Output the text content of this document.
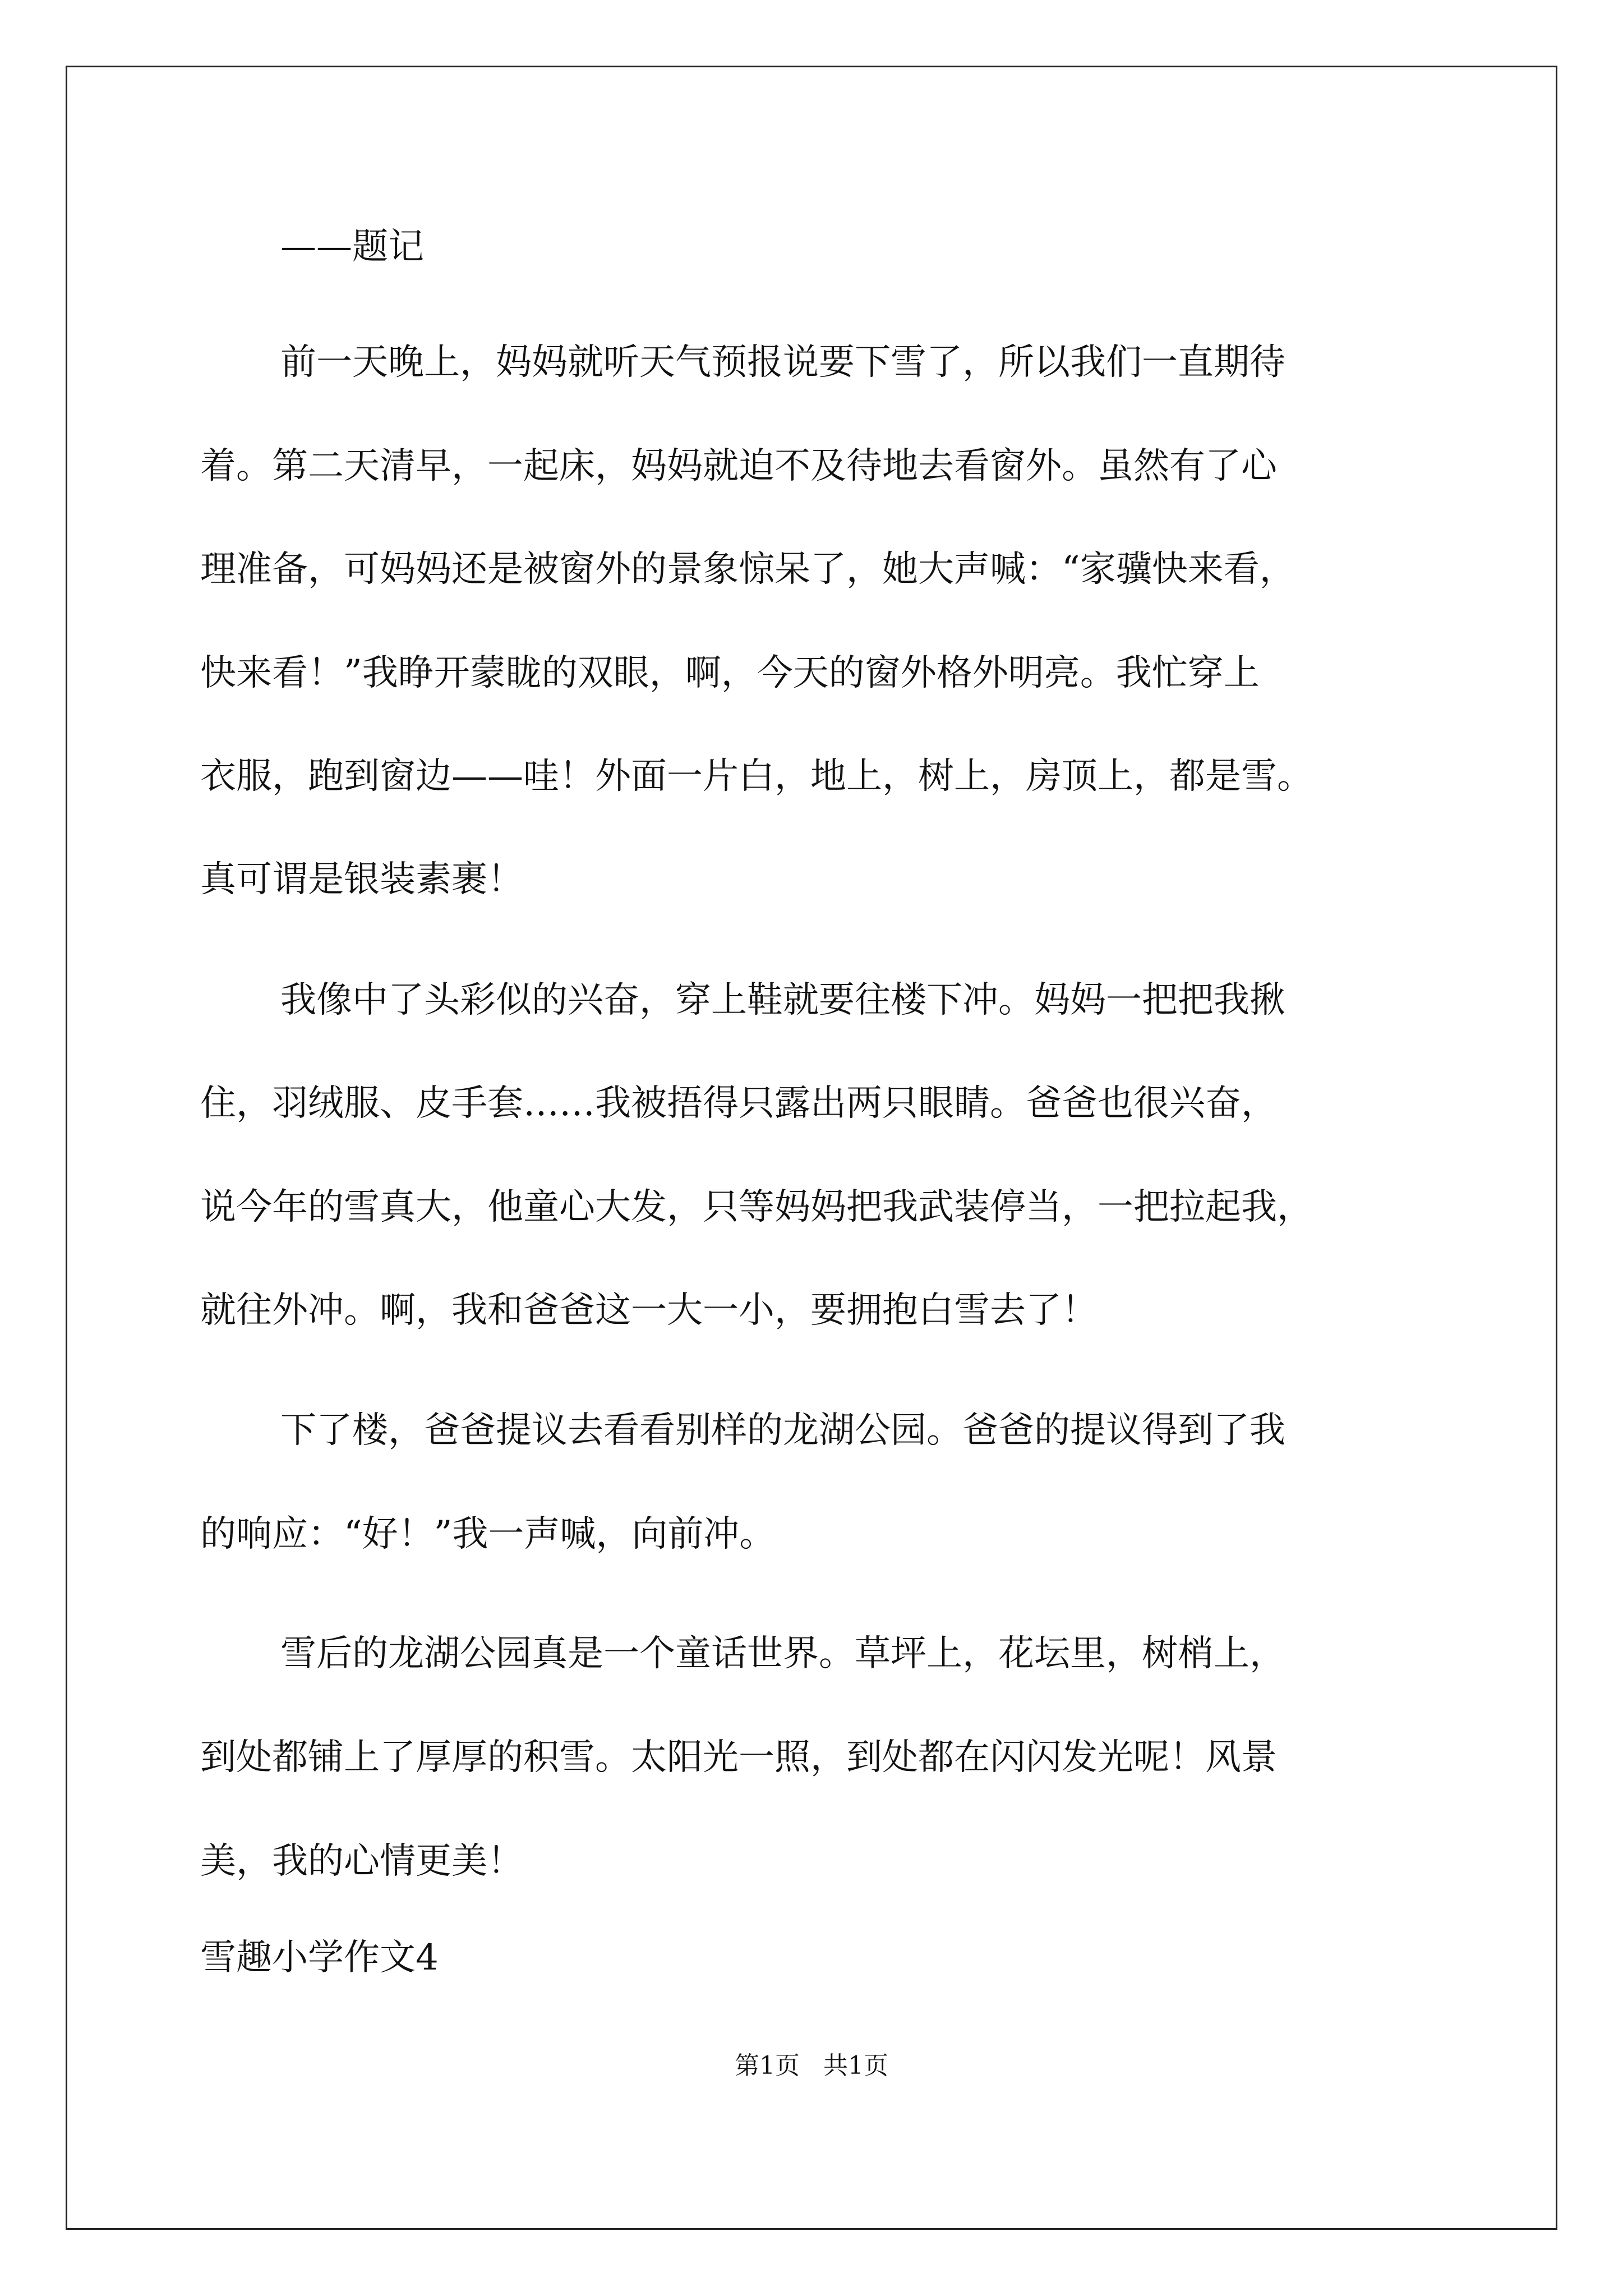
——题记
前一天晚上，妈妈就听天气预报说要下雪了，所以我们一直期待
着。第二天清早，一起床，妈妈就迫不及待地去看窗外。虽然有了心
理准备，可妈妈还是被窗外的景象惊呆了，她大声喊：“家骥快来看，
快来看！”我睁开蒙眬的双眼，啊，今天的窗外格外明亮。我忙穿上
衣服，跑到窗边——哇！外面一片白，地上，树上，房顶上，都是雪。
真可谓是银装素裹！
我像中了头彩似的兴奋，穿上鞋就要往楼下冲。妈妈一把把我揪
住，羽绒服、皮手套……我被捂得只露出两只眼睛。爸爸也很兴奋，
说今年的雪真大，他童心大发，只等妈妈把我武装停当，一把拉起我，
就往外冲。啊，我和爸爸这一大一小，要拥抱白雪去了！
下了楼，爸爸提议去看看别样的龙湖公园。爸爸的提议得到了我
的响应：“好！”我一声喊，向前冲。
雪后的龙湖公园真是一个童话世界。草坪上，花坛里，树梢上，
到处都铺上了厚厚的积雪。太阳光一照，到处都在闪闪发光呢！风景
美，我的心情更美！
雪趣小学作文4
第1页   共1页
